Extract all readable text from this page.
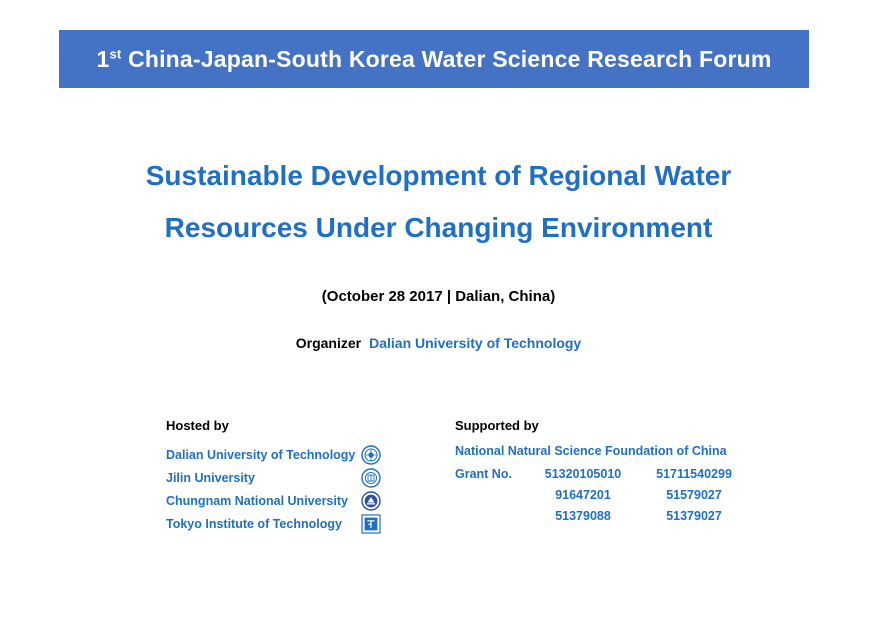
1st China-Japan-South Korea Water Science Research Forum
Sustainable Development of Regional Water
Resources Under Changing Environment
(October 28 2017 | Dalian, China)
Organizer Dalian University of Technology
Hosted by
Dalian University of Technology
Jilin University
Chungnam National University
Tokyo Institute of Technology
Supported by
National Natural Science Foundation of China
Grant No.	51320105010	51711540299
	91647201	51579027
	51379088	51379027
